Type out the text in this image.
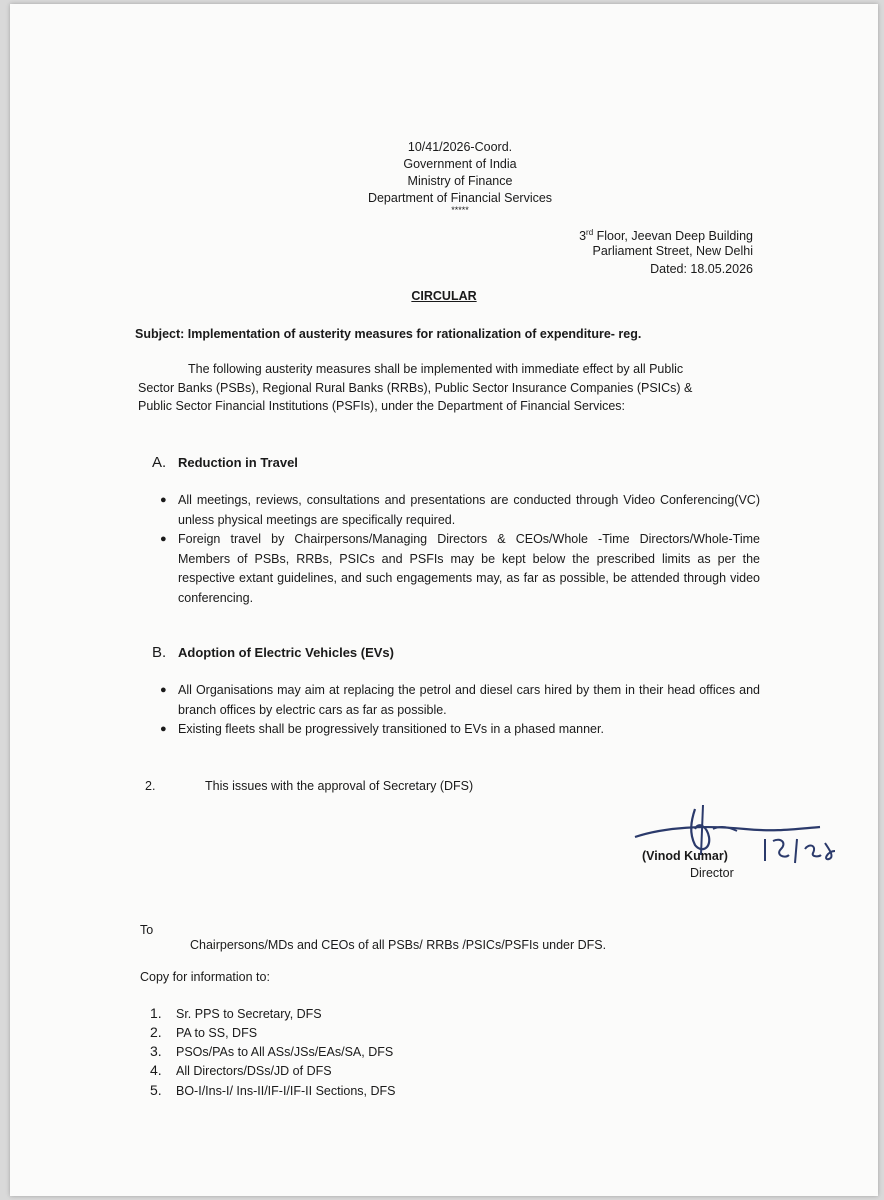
10/41/2026-Coord.
Government of India
Ministry of Finance
Department of Financial Services
*****
3rd Floor, Jeevan Deep Building
Parliament Street, New Delhi
Dated: 18.05.2026
CIRCULAR
Subject: Implementation of austerity measures for rationalization of expenditure- reg.
The following austerity measures shall be implemented with immediate effect by all Public
Sector Banks (PSBs), Regional Rural Banks (RRBs), Public Sector Insurance Companies (PSICs) &
Public Sector Financial Institutions (PSFIs), under the Department of Financial Services:
A. Reduction in Travel
● All meetings, reviews, consultations and presentations are conducted through Video Conferencing(VC) unless physical meetings are specifically required.
● Foreign travel by Chairpersons/Managing Directors & CEOs/Whole -Time Directors/Whole-Time Members of PSBs, RRBs, PSICs and PSFIs may be kept below the prescribed limits as per the respective extant guidelines, and such engagements may, as far as possible, be attended through video conferencing.
B. Adoption of Electric Vehicles (EVs)
● All Organisations may aim at replacing the petrol and diesel cars hired by them in their head offices and branch offices by electric cars as far as possible.
● Existing fleets shall be progressively transitioned to EVs in a phased manner.
2.	This issues with the approval of Secretary (DFS)
(Vinod Kumar)
Director
To
Chairpersons/MDs and CEOs of all PSBs/ RRBs /PSICs/PSFIs under DFS.
Copy for information to:
1. Sr. PPS to Secretary, DFS
2. PA to SS, DFS
3. PSOs/PAs to All ASs/JSs/EAs/SA, DFS
4. All Directors/DSs/JD of DFS
5. BO-I/Ins-I/ Ins-II/IF-I/IF-II Sections, DFS
